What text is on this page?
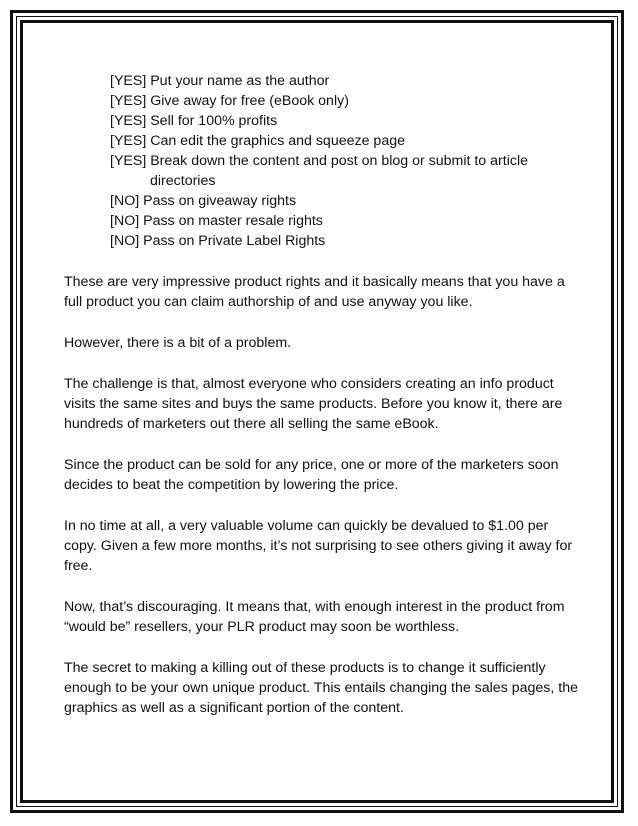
[YES] Put your name as the author
[YES] Give away for free (eBook only)
[YES] Sell for 100% profits
[YES] Can edit the graphics and squeeze page
[YES] Break down the content and post on blog or submit to article directories
[NO] Pass on giveaway rights
[NO] Pass on master resale rights
[NO] Pass on Private Label Rights

These are very impressive product rights and it basically means that you have a full product you can claim authorship of and use anyway you like.

However, there is a bit of a problem.

The challenge is that, almost everyone who considers creating an info product visits the same sites and buys the same products. Before you know it, there are hundreds of marketers out there all selling the same eBook.

Since the product can be sold for any price, one or more of the marketers soon decides to beat the competition by lowering the price.

In no time at all, a very valuable volume can quickly be devalued to $1.00 per copy. Given a few more months, it’s not surprising to see others giving it away for free.

Now, that’s discouraging. It means that, with enough interest in the product from “would be” resellers, your PLR product may soon be worthless.

The secret to making a killing out of these products is to change it sufficiently enough to be your own unique product. This entails changing the sales pages, the graphics as well as a significant portion of the content.
